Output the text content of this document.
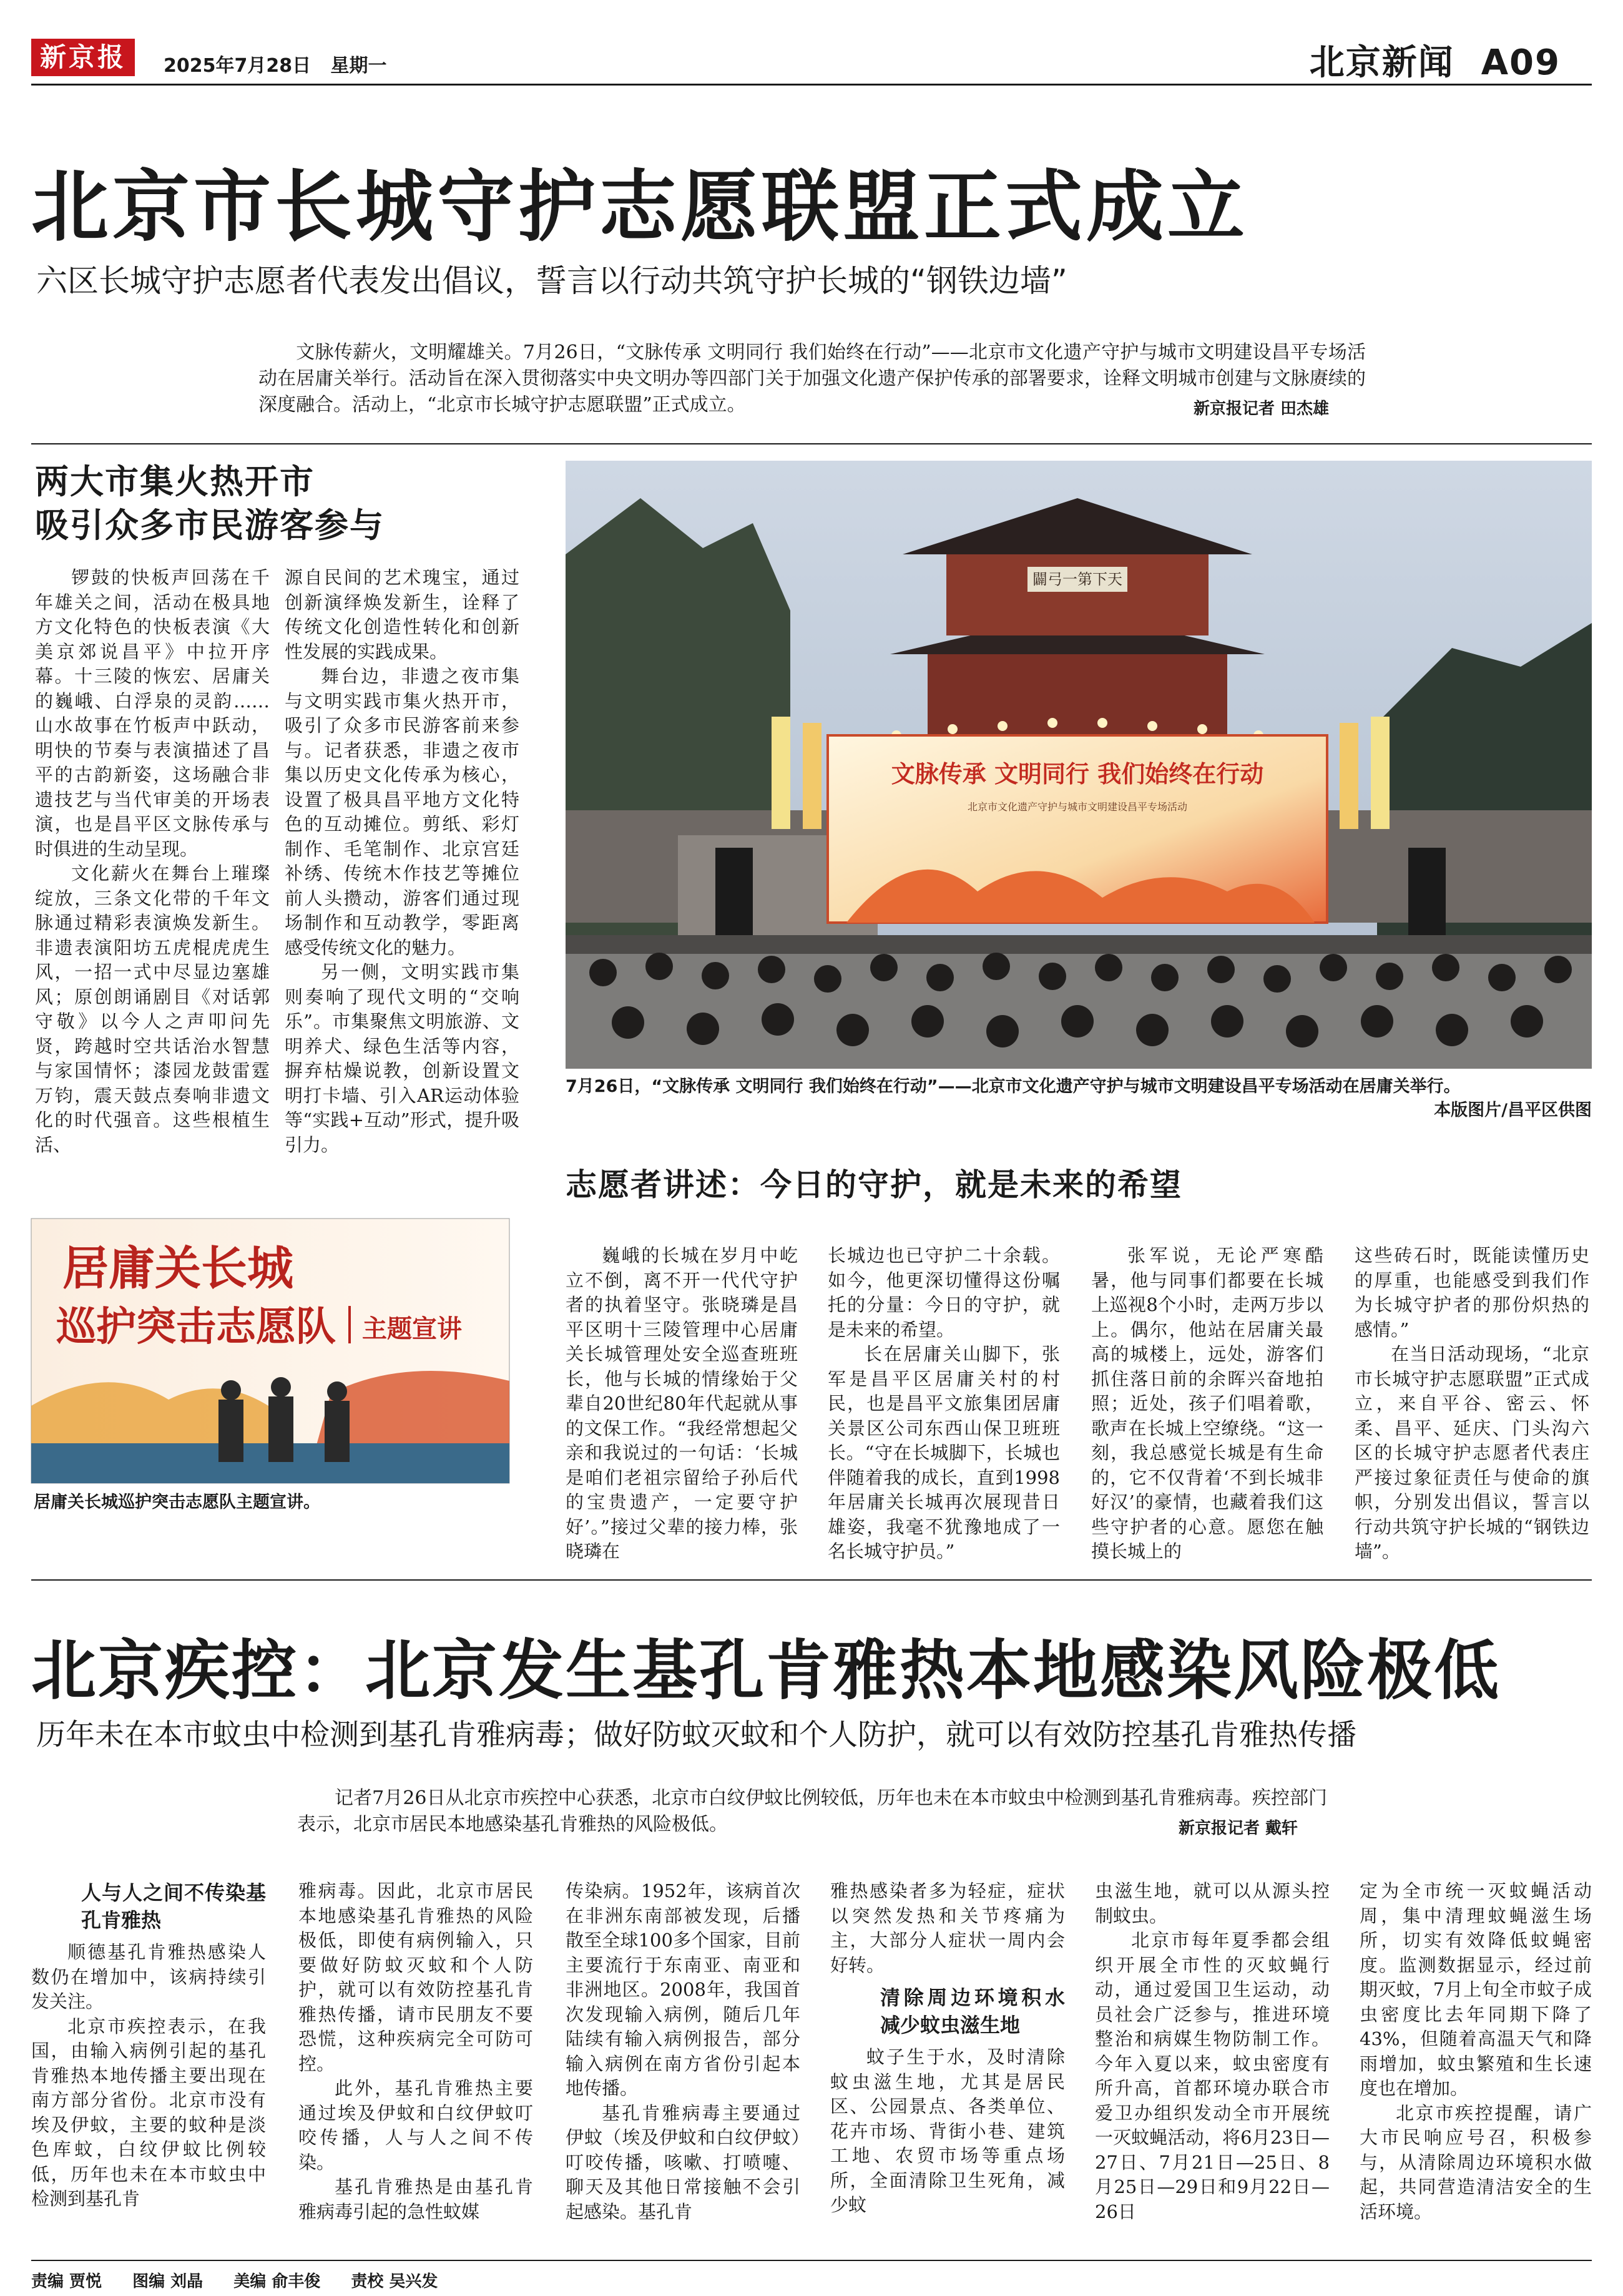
新京报	2025年7月28日 星期一	北京新闻 A09
北京市长城守护志愿联盟正式成立
六区长城守护志愿者代表发出倡议，誓言以行动共筑守护长城的“钢铁边墙”
文脉传薪火，文明耀雄关。7月26日，“文脉传承 文明同行 我们始终在行动”——北京市文化遗产守护与城市文明建设昌平专场活动在居庸关举行。活动旨在深入贯彻落实中央文明办等四部门关于加强文化遗产保护传承的部署要求，诠释文明城市创建与文脉赓续的深度融合。活动上，“北京市长城守护志愿联盟”正式成立。	新京报记者 田杰雄
两大市集火热开市
吸引众多市民游客参与

锣鼓的快板声回荡在千年雄关之间，活动在极具地方文化特色的快板表演《大美京郊说昌平》中拉开序幕。十三陵的恢宏、居庸关的巍峨、白浮泉的灵韵……山水故事在竹板声中跃动，明快的节奏与表演描述了昌平的古韵新姿，这场融合非遗技艺与当代审美的开场表演，也是昌平区文脉传承与时俱进的生动呈现。

文化薪火在舞台上璀璨绽放，三条文化带的千年文脉通过精彩表演焕发新生。非遗表演阳坊五虎棍虎虎生风，一招一式中尽显边塞雄风；原创朗诵剧目《对话郭守敬》以今人之声叩问先贤，跨越时空共话治水智慧与家国情怀；漆园龙鼓雷霆万钧，震天鼓点奏响非遗文化的时代强音。这些根植生活、

源自民间的艺术瑰宝，通过创新演绎焕发新生，诠释了传统文化创造性转化和创新性发展的实践成果。

舞台边，非遗之夜市集与文明实践市集火热开市，吸引了众多市民游客前来参与。记者获悉，非遗之夜市集以历史文化传承为核心，设置了极具昌平地方文化特色的互动摊位。剪纸、彩灯制作、毛笔制作、北京宫廷补绣、传统木作技艺等摊位前人头攒动，游客们通过现场制作和互动教学，零距离感受传统文化的魅力。

另一侧，文明实践市集则奏响了现代文明的“交响乐”。市集聚焦文明旅游、文明养犬、绿色生活等内容，摒弃枯燥说教，创新设置文明打卡墙、引入AR运动体验等“实践+互动”形式，提升吸引力。

闢弓一第下天
文脉传承 文明同行 我们始终在行动
北京市文化遗产守护与城市文明建设昌平专场活动
7月26日，“文脉传承 文明同行 我们始终在行动”——北京市文化遗产守护与城市文明建设昌平专场活动在居庸关举行。
本版图片/昌平区供图
居庸关长城
巡护突击志愿队 主题宣讲
居庸关长城巡护突击志愿队主题宣讲。
志愿者讲述：今日的守护，就是未来的希望

巍峨的长城在岁月中屹立不倒，离不开一代代守护者的执着坚守。张晓璘是昌平区明十三陵管理中心居庸关长城管理处安全巡查班班长，他与长城的情缘始于父辈自20世纪80年代起就从事的文保工作。“我经常想起父亲和我说过的一句话：‘长城是咱们老祖宗留给子孙后代的宝贵遗产，一定要守护好’。”接过父辈的接力棒，张晓璘在

长城边也已守护二十余载。如今，他更深切懂得这份嘱托的分量：今日的守护，就是未来的希望。

长在居庸关山脚下，张军是昌平区居庸关村的村民，也是昌平文旅集团居庸关景区公司东西山保卫班班长。“守在长城脚下，长城也伴随着我的成长，直到1998年居庸关长城再次展现昔日雄姿，我毫不犹豫地成了一名长城守护员。”

张军说，无论严寒酷暑，他与同事们都要在长城上巡视8个小时，走两万步以上。偶尔，他站在居庸关最高的城楼上，远处，游客们抓住落日前的余晖兴奋地拍照；近处，孩子们唱着歌，歌声在长城上空缭绕。“这一刻，我总感觉长城是有生命的，它不仅背着‘不到长城非好汉’的豪情，也藏着我们这些守护者的心意。愿您在触摸长城上的

这些砖石时，既能读懂历史的厚重，也能感受到我们作为长城守护者的那份炽热的感情。”

在当日活动现场，“北京市长城守护志愿联盟”正式成立，来自平谷、密云、怀柔、昌平、延庆、门头沟六区的长城守护志愿者代表庄严接过象征责任与使命的旗帜，分别发出倡议，誓言以行动共筑守护长城的“钢铁边墙”。

北京疾控：北京发生基孔肯雅热本地感染风险极低
历年未在本市蚊虫中检测到基孔肯雅病毒；做好防蚊灭蚊和个人防护，就可以有效防控基孔肯雅热传播
记者7月26日从北京市疾控中心获悉，北京市白纹伊蚊比例较低，历年也未在本市蚊虫中检测到基孔肯雅病毒。疾控部门表示，北京市居民本地感染基孔肯雅热的风险极低。	新京报记者 戴轩
人与人之间不传染基孔肯雅热

顺德基孔肯雅热感染人数仍在增加中，该病持续引发关注。

北京市疾控表示，在我国，由输入病例引起的基孔肯雅热本地传播主要出现在南方部分省份。北京市没有埃及伊蚊，主要的蚊种是淡色库蚊，白纹伊蚊比例较低，历年也未在本市蚊虫中检测到基孔肯

雅病毒。因此，北京市居民本地感染基孔肯雅热的风险极低，即使有病例输入，只要做好防蚊灭蚊和个人防护，就可以有效防控基孔肯雅热传播，请市民朋友不要恐慌，这种疾病完全可防可控。

此外，基孔肯雅热主要通过埃及伊蚊和白纹伊蚊叮咬传播，人与人之间不传染。

基孔肯雅热是由基孔肯雅病毒引起的急性蚊媒

传染病。1952年，该病首次在非洲东南部被发现，后播散至全球100多个国家，目前主要流行于东南亚、南亚和非洲地区。2008年，我国首次发现输入病例，随后几年陆续有输入病例报告，部分输入病例在南方省份引起本地传播。

基孔肯雅病毒主要通过伊蚊（埃及伊蚊和白纹伊蚊）叮咬传播，咳嗽、打喷嚏、聊天及其他日常接触不会引起感染。基孔肯

雅热感染者多为轻症，症状以突然发热和关节疼痛为主，大部分人症状一周内会好转。

清除周边环境积水 减少蚊虫滋生地

蚊子生于水，及时清除蚊虫滋生地，尤其是居民区、公园景点、各类单位、花卉市场、背街小巷、建筑工地、农贸市场等重点场所，全面清除卫生死角，减少蚊

虫滋生地，就可以从源头控制蚊虫。

北京市每年夏季都会组织开展全市性的灭蚊蝇行动，通过爱国卫生运动，动员社会广泛参与，推进环境整治和病媒生物防制工作。今年入夏以来，蚊虫密度有所升高，首都环境办联合市爱卫办组织发动全市开展统一灭蚊蝇活动，将6月23日—27日、7月21日—25日、8月25日—29日和9月22日—26日

定为全市统一灭蚊蝇活动周，集中清理蚊蝇滋生场所，切实有效降低蚊蝇密度。监测数据显示，经过前期灭蚊，7月上旬全市蚊子成虫密度比去年同期下降了43%，但随着高温天气和降雨增加，蚊虫繁殖和生长速度也在增加。

北京市疾控提醒，请广大市民响应号召，积极参与，从清除周边环境积水做起，共同营造清洁安全的生活环境。

责编 贾悦 图编 刘晶 美编 俞丰俊 责校 吴兴发
